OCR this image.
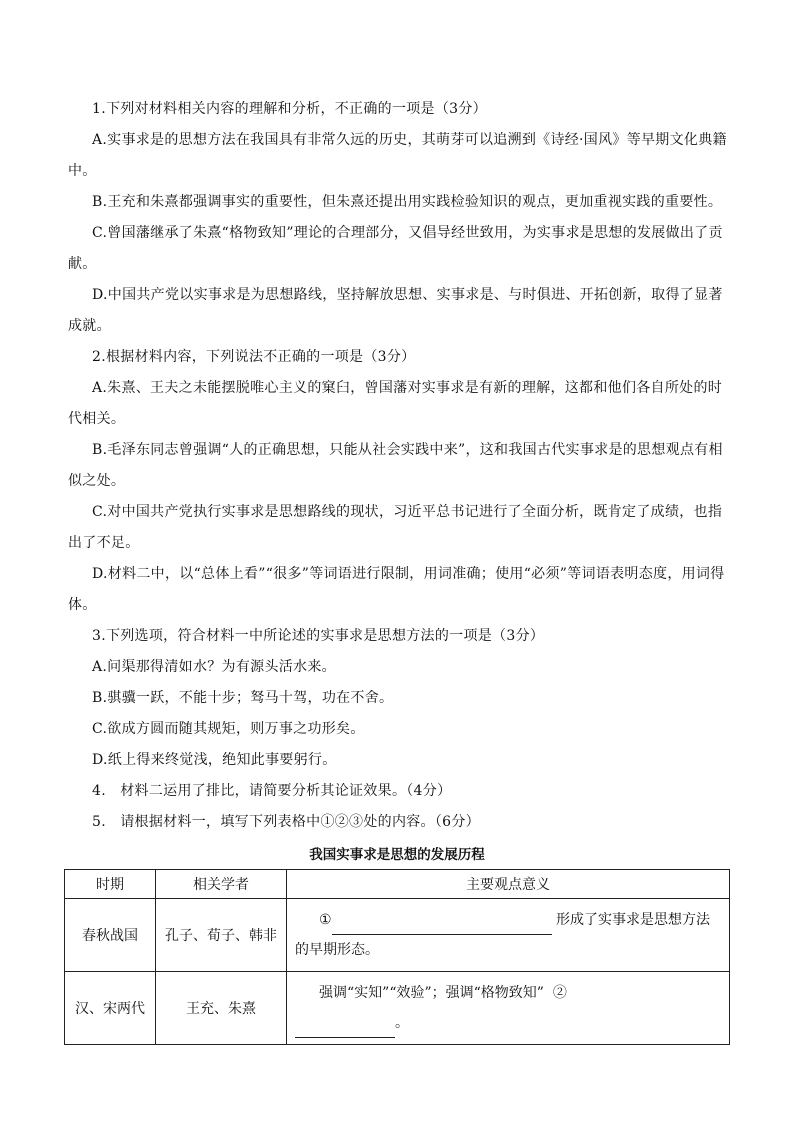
1.下列对材料相关内容的理解和分析，不正确的一项是（3分）

A.实事求是的思想方法在我国具有非常久远的历史，其萌芽可以追溯到《诗经·国风》等早期文化典籍中。

B.王充和朱熹都强调事实的重要性，但朱熹还提出用实践检验知识的观点，更加重视实践的重要性。

C.曾国藩继承了朱熹“格物致知”理论的合理部分，又倡导经世致用，为实事求是思想的发展做出了贡献。

D.中国共产党以实事求是为思想路线，坚持解放思想、实事求是、与时俱进、开拓创新，取得了显著成就。

2.根据材料内容，下列说法不正确的一项是（3分）

A.朱熹、王夫之未能摆脱唯心主义的窠臼，曾国藩对实事求是有新的理解，这都和他们各自所处的时代相关。

B.毛泽东同志曾强调“人的正确思想，只能从社会实践中来”，这和我国古代实事求是的思想观点有相似之处。

C.对中国共产党执行实事求是思想路线的现状，习近平总书记进行了全面分析，既肯定了成绩，也指出了不足。

D.材料二中，以“总体上看”“很多”等词语进行限制，用词准确；使用“必须”等词语表明态度，用词得体。

3.下列选项，符合材料一中所论述的实事求是思想方法的一项是（3分）

A.问渠那得清如水？为有源头活水来。

B.骐骥一跃，不能十步；驽马十驾，功在不舍。

C.欲成方圆而随其规矩，则万事之功形矣。

D.纸上得来终觉浅，绝知此事要躬行。

4.　材料二运用了排比，请简要分析其论证效果。（4分）

5.　请根据材料一，填写下列表格中①②③处的内容。（6分）

我国实事求是思想的发展历程
时期	相关学者	主要观点意义
春秋战国	孔子、荀子、韩非	① 形成了实事求是思想方法的早期形态。
汉、宋两代	王充、朱熹	强调“实知”“效验”；强调“格物致知” ②
。
